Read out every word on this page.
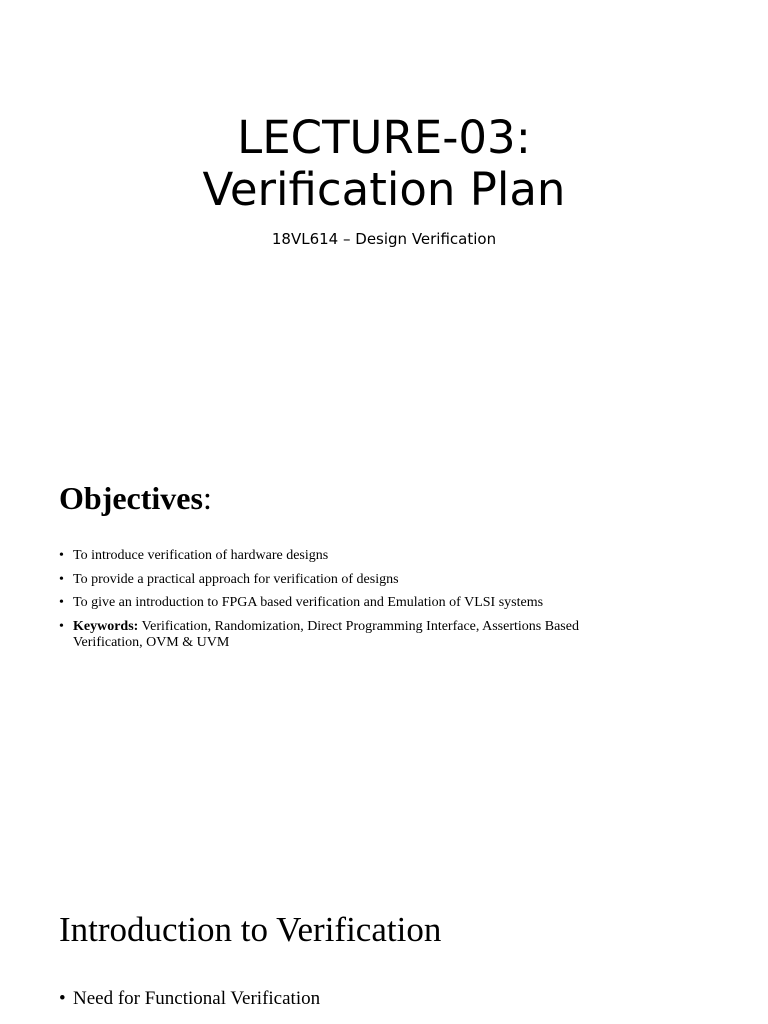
LECTURE-03:
Verification Plan
18VL614 – Design Verification
Objectives:
• To introduce verification of hardware designs
• To provide a practical approach for verification of designs
• To give an introduction to FPGA based verification and Emulation of VLSI systems
• Keywords: Verification, Randomization, Direct Programming Interface, Assertions Based Verification, OVM & UVM
Introduction to Verification
• Need for Functional Verification
